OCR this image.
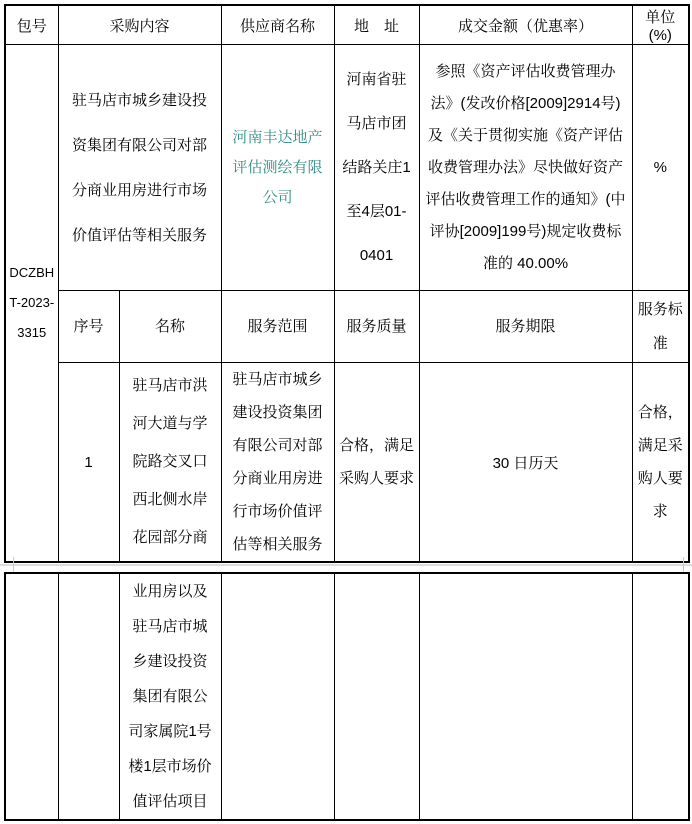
包号	采购内容		供应商名称	地　址	成交金额（优惠率）	单位(%)
DCZBHT-2023-3315	驻马店市城乡建设投资集团有限公司对部分商业用房进行市场价值评估等相关服务		河南丰达地产评估测绘有限公司	河南省驻马店市团结路关庄1至4层01-0401	参照《资产评估收费管理办法》(发改价格[2009]2914号)及《关于贯彻实施《资产评估收费管理办法》尽快做好资产评估收费管理工作的通知》(中评协[2009]199号)规定收费标准的 40.00%	%
	序号	名称	服务范围	服务质量	服务期限	服务标准
	1	驻马店市洪河大道与学院路交叉口西北侧水岸花园部分商	驻马店市城乡建设投资集团有限公司对部分商业用房进行市场价值评估等相关服务	合格，满足采购人要求	30 日历天	合格，满足采购人要求
		业用房以及驻马店市城乡建设投资集团有限公司家属院1号楼1层市场价值评估项目				
